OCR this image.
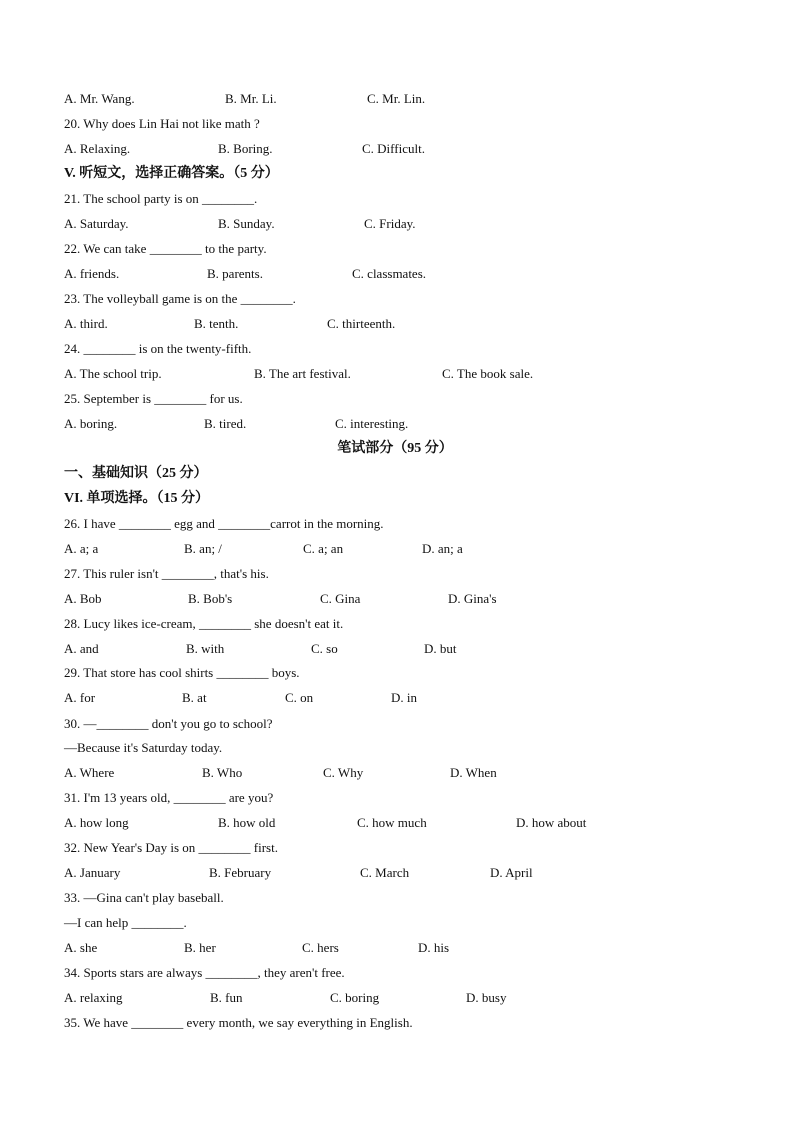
A. Mr. Wang.	B. Mr. Li.	C. Mr. Lin.
20. Why does Lin Hai not like math ?
A. Relaxing.	B. Boring.	C. Difficult.
V. 听短文，选择正确答案。（5 分）
21. The school party is on ________.
A. Saturday.	B. Sunday.	C. Friday.
22. We can take ________ to the party.
A. friends.	B. parents.	C. classmates.
23. The volleyball game is on the ________.
A. third.	B. tenth.	C. thirteenth.
24. ________ is on the twenty-fifth.
A. The school trip.	B. The art festival.	C. The book sale.
25. September is ________ for us.
A. boring.	B. tired.	C. interesting.
笔试部分（95 分）
一、基础知识（25 分）
VI. 单项选择。（15 分）
26. I have ________ egg and ________carrot in the morning.
A. a; a	B. an; /	C. a; an	D. an; a
27. This ruler isn't ________, that's his.
A. Bob	B. Bob's	C. Gina	D. Gina's
28. Lucy likes ice-cream, ________ she doesn't eat it.
A. and	B. with	C. so	D. but
29. That store has cool shirts ________ boys.
A. for	B. at	C. on	D. in
30. —________ don't you go to school?
—Because it's Saturday today.
A. Where	B. Who	C. Why	D. When
31. I'm 13 years old, ________ are you?
A. how long	B. how old	C. how much	D. how about
32. New Year's Day is on ________ first.
A. January	B. February	C. March	D. April
33. —Gina can't play baseball.
—I can help ________.
A. she	B. her	C. hers	D. his
34. Sports stars are always ________, they aren't free.
A. relaxing	B. fun	C. boring	D. busy
35. We have ________ every month, we say everything in English.
